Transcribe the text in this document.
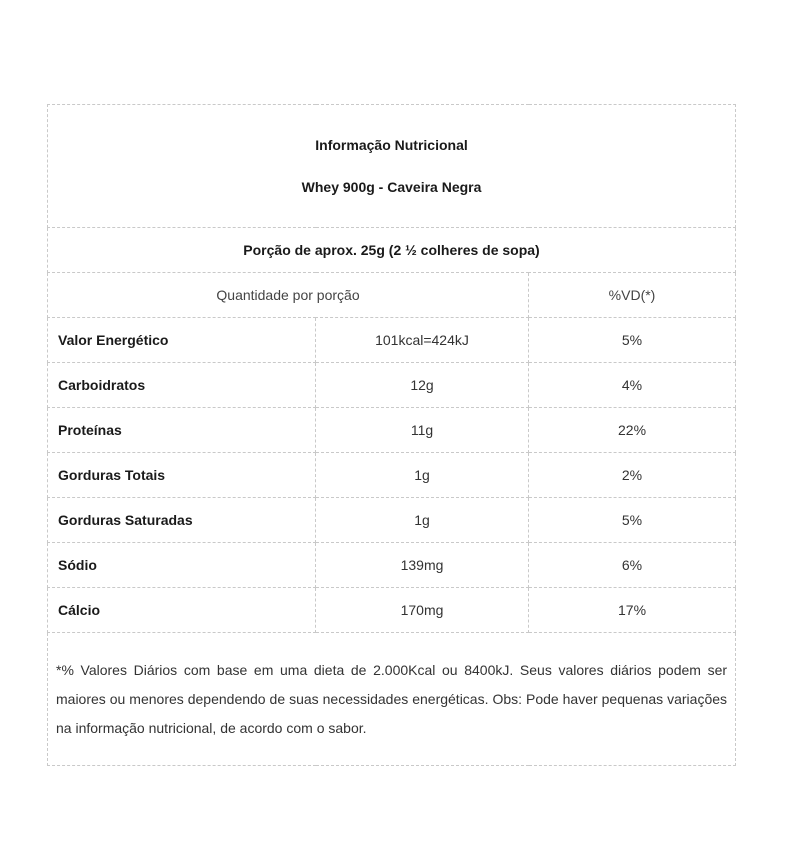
Informação Nutricional
Whey 900g - Caveira Negra		

Porção de aprox. 25g (2 ½ colheres de sopa)		
Quantidade por porção		%VD(*)
Valor Energético	101kcal=424kJ	5%
Carboidratos	12g	4%
Proteínas	11g	22%
Gorduras Totais	1g	2%
Gorduras Saturadas	1g	5%
Sódio	139mg	6%
Cálcio	170mg	17%
*% Valores Diários com base em uma dieta de 2.000Kcal ou 8400kJ. Seus valores diários podem ser maiores ou menores dependendo de suas necessidades energéticas. Obs: Pode haver pequenas variações na informação nutricional, de acordo com o sabor.		
